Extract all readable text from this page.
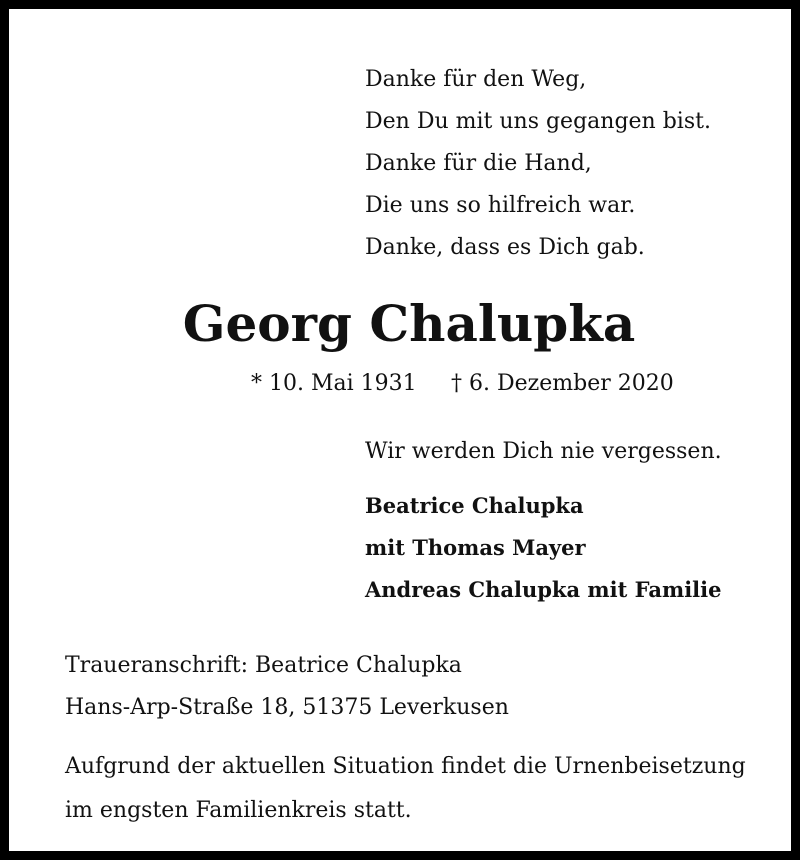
Danke für den Weg,
Den Du mit uns gegangen bist.
Danke für die Hand,
Die uns so hilfreich war.
Danke, dass es Dich gab.
Georg Chalupka
* 10. Mai 1931 † 6. Dezember 2020
Wir werden Dich nie vergessen.
Beatrice Chalupka
mit Thomas Mayer
Andreas Chalupka mit Familie
Traueranschrift: Beatrice Chalupka
Hans-Arp-Straße 18, 51375 Leverkusen
Aufgrund der aktuellen Situation findet die Urnenbeisetzung
im engsten Familienkreis statt.
